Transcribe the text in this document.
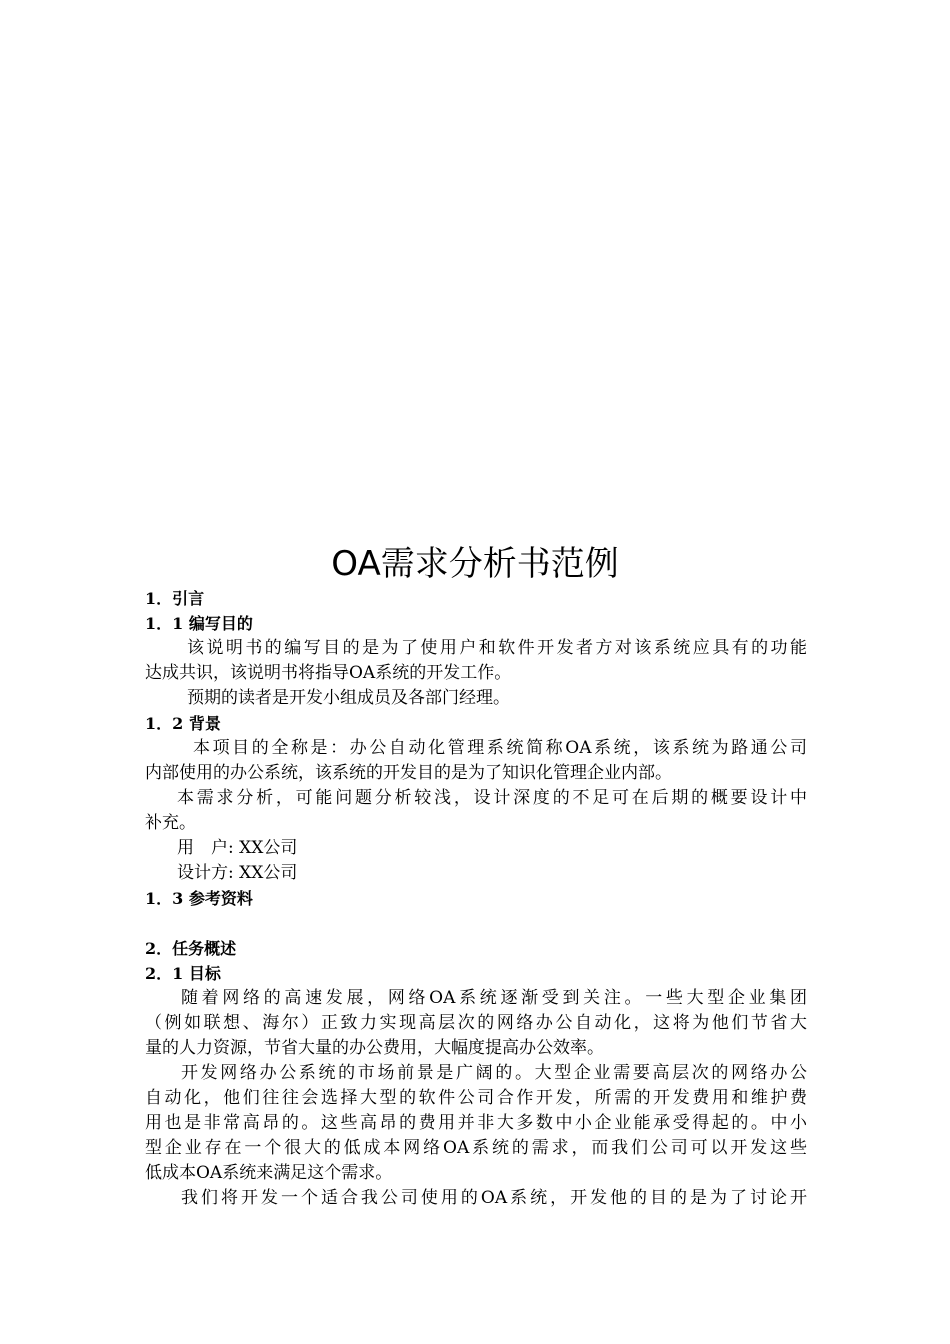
OA需求分析书范例
1．引言
1．1 编写目的
该说明书的编写目的是为了使用户和软件开发者方对该系统应具有的功能
达成共识，该说明书将指导OA系统的开发工作。
预期的读者是开发小组成员及各部门经理。
1．2 背景
本项目的全称是：办公自动化管理系统简称OA系统，该系统为路通公司
内部使用的办公系统，该系统的开发目的是为了知识化管理企业内部。
本需求分析，可能问题分析较浅，设计深度的不足可在后期的概要设计中
补充。
用　户: XX公司
设计方: XX公司
1．3 参考资料
2．任务概述
2．1 目标
随着网络的高速发展，网络OA系统逐渐受到关注。一些大型企业集团
（例如联想、海尔）正致力实现高层次的网络办公自动化，这将为他们节省大
量的人力资源，节省大量的办公费用，大幅度提高办公效率。
开发网络办公系统的市场前景是广阔的。大型企业需要高层次的网络办公
自动化，他们往往会选择大型的软件公司合作开发，所需的开发费用和维护费
用也是非常高昂的。这些高昂的费用并非大多数中小企业能承受得起的。中小
型企业存在一个很大的低成本网络OA系统的需求，而我们公司可以开发这些
低成本OA系统来满足这个需求。
我们将开发一个适合我公司使用的OA系统，开发他的目的是为了讨论开
